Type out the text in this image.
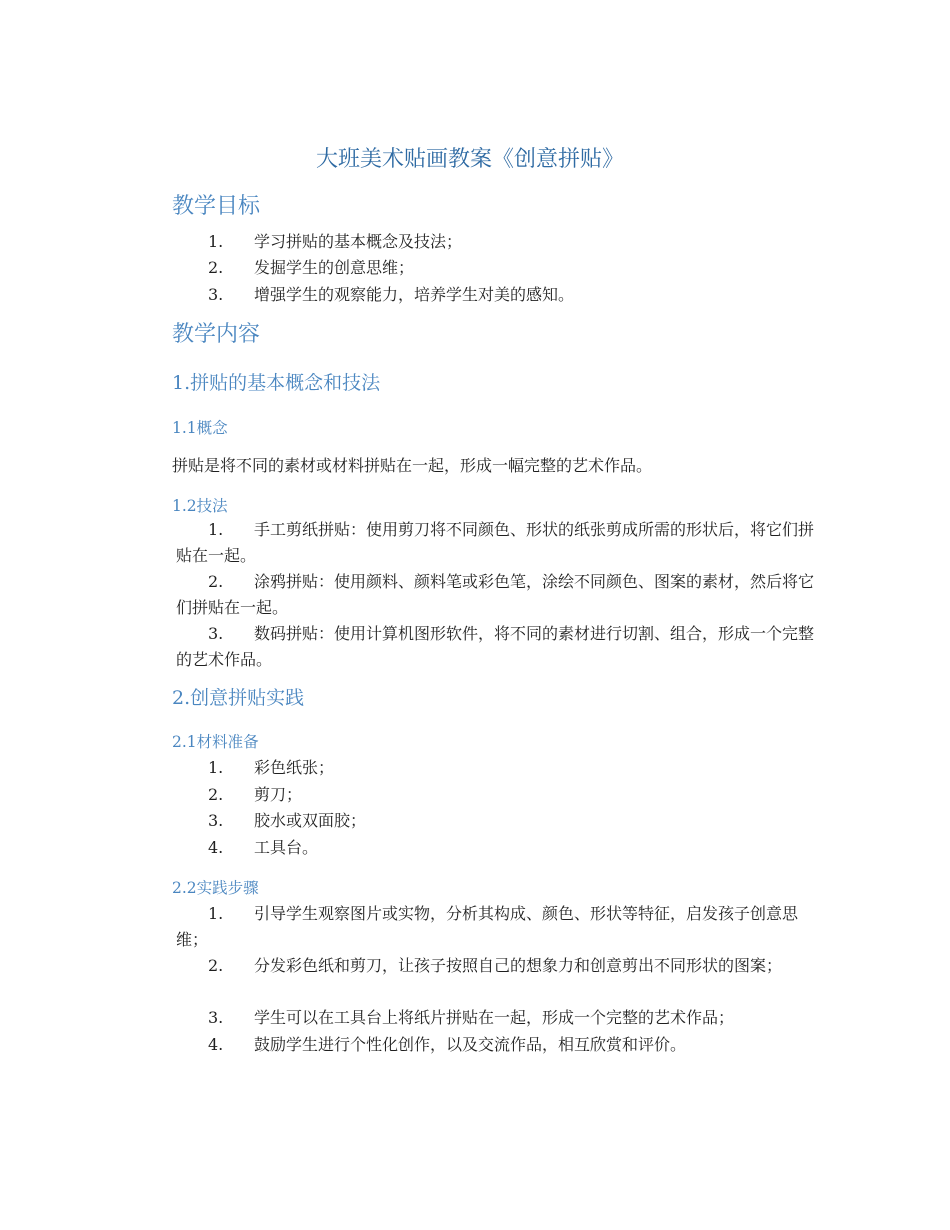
大班美术贴画教案《创意拼贴》
教学目标
1.	学习拼贴的基本概念及技法；
2.	发掘学生的创意思维；
3.	增强学生的观察能力，培养学生对美的感知。
教学内容
1.拼贴的基本概念和技法
1.1概念
拼贴是将不同的素材或材料拼贴在一起，形成一幅完整的艺术作品。
1.2技法
1.	手工剪纸拼贴：使用剪刀将不同颜色、形状的纸张剪成所需的形状后，将它们拼贴在一起。
2.	涂鸦拼贴：使用颜料、颜料笔或彩色笔，涂绘不同颜色、图案的素材，然后将它们拼贴在一起。
3.	数码拼贴：使用计算机图形软件，将不同的素材进行切割、组合，形成一个完整的艺术作品。
2.创意拼贴实践
2.1材料准备
1.	彩色纸张；
2.	剪刀；
3.	胶水或双面胶；
4.	工具台。
2.2实践步骤
1.	引导学生观察图片或实物，分析其构成、颜色、形状等特征，启发孩子创意思维；
2.	分发彩色纸和剪刀，让孩子按照自己的想象力和创意剪出不同形状的图案；
3.	学生可以在工具台上将纸片拼贴在一起，形成一个完整的艺术作品；
4.	鼓励学生进行个性化创作，以及交流作品，相互欣赏和评价。
